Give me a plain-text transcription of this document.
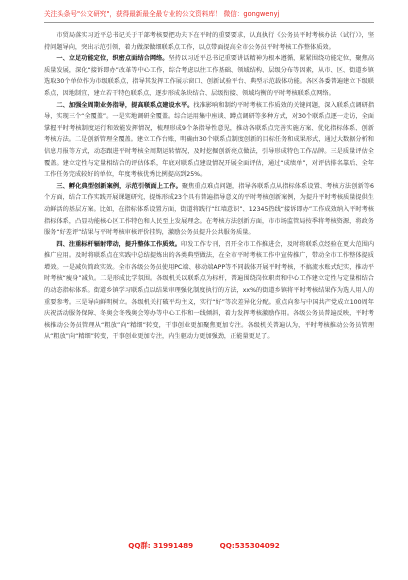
关注头条号"公文研究"，获得最新最全最专业的公文资料库！ 微信：gongwenyj

市贸局落实习近平总书记关于干部考核要把功夫下在平时的重要要求，认真执行《公务员平时考核办法（试行）》，坚持问题导向，突出示范引领，着力做深做细联系点工作，以点带面提高全市公务员平时考核工作整体质效。

一、立足功能定位，织密点面结合网络。坚持以习近平总书记重要讲话精神为根本遵循，紧紧围绕功能定位，聚焦高质量发展，深化“接诉即办”改革等中心工作，综合考虑以往工作基础、领域结构、层级分布等因素，从市、区、街道乡镇选取30个单位作为市级联系点，指导其发挥工作展示窗口、创新试验平台、典型示范载体功能。各区各委普遍建立下级联系点，因地制宜，建立若干特色联系点，逐步形成条块结合、层级衔接、领域均衡的平时考核联系点网络。

二、加强全周期业务指导，提高联系点建设水平。找准影响和制约平时考核工作质效的关键问题，深入联系点调研指导，实现三个“全覆盖”。一是实地调研全覆盖。综合运用集中座谈、蹲点调研等多种方式，对30个联系点逐一走访，全面掌握平时考核制度运行和效能发挥情况，梳理形成9个条指导性意见，推动各联系点完善实施方案、优化指标体系、创新考核方法。二是创新管理全覆盖。建立工作台账，明确由30个联系点制度创新的目标任务和成果形式，通过大数据分析和信息月报等方式，动态跟进平时考核全周期运转情况，及时挖掘创新亮点做法，引导形成特色工作品牌。三是质量评估全覆盖。建立定性与定量相结合的评估体系，年底对联系点建设情况开展全面评估，通过“成绩单”，对评估排名靠后、全年工作任务完成较好的单位，年度考核优秀比例提高到25%。

三、孵化典型创新案例，示范引领面上工作。聚焦重点难点问题，指导各联系点从指标体系设置、考核方法创新等6个方面，结合工作实践开展课题研究，提炼形成23个具有普遍指导意义的平时考核创新案例，为提升平时考核质量提供生动鲜活的基层方案。比如，在指标体系设置方面，街道将践行“红墙意识”、12345热线“接诉即办”工作成效纳入平时考核指标体系，凸显功能核心区工作特色和人民至上发展理念。在考核方法创新方面，市市场监管局按季将考核资源，将政务服务“好差评”结果与平时考核审核评价挂钩，激励公务员提升公共服务质量。

四、注重标杆辐射带动，提升整体工作质效。印发工作专刊，召开全市工作推进会，及时将联系点经验在更大范围内推广应用。及时将联系点在实践中总结提炼出的各类典型做法，在全市平时考核工作中宣传推广，带动全市工作整体提质增效。一是减负简政实效。全市各级公务员使用PC端、移动端APP等不同载体开展平时考核，不搞流水账式纪实，推动平时考核“瘦身”减负。二是形成比学氛围。各级机关以联系点为标杆，普遍围绕岗位职责和中心工作建立定性与定量相结合的动态指标体系。街道乡镇学习联系点以结果审理强化制度执行的方法，xx%的街道乡镇将平时考核结果作为选人用人的重要参考。三是导向鲜明树立。各级机关打破平均主义，实行“好”等次差异化分配。重点向参与中国共产党成立100周年庆祝活动服务保障、冬奥会冬残奥会筹办等中心工作和一线倾斜，着力发挥考核激励作用。各级公务员普遍反映，平时考核推动公务员管理从“粗放”向“精细”转变，干事创业更加聚焦更加专注。各级机关普遍认为，平时考核推动公务员管理从“粗放”向“精细”转变，干事创业更加专注，内生驱动力更加强劲，正能量更足了。

QQ群: 31991489	QQ:535304092
